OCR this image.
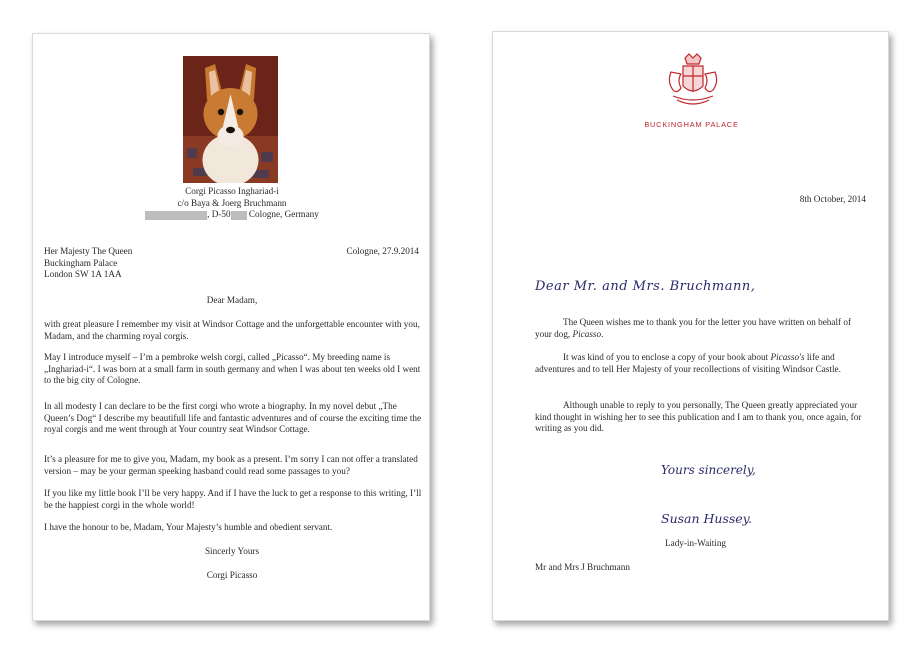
Corgi Picasso Inghariad-i
c/o Baya & Joerg Bruchmann
, D-50 Cologne, Germany
Her Majesty The Queen
Buckingham Palace
London SW 1A 1AA
Cologne, 27.9.2014
Dear Madam,

with great pleasure I remember my visit at Windsor Cottage and the unforgettable encounter with you, Madam, and the charming royal corgis.

May I introduce myself – I’m a pembroke welsh corgi, called „Picasso“. My breeding name is „Inghariad-i“. I was born at a small farm in south germany and when I was about ten weeks old I went to the big city of Cologne.

In all modesty I can declare to be the first corgi who wrote a biography. In my novel debut „The Queen’s Dog“ I describe my beautifull life and fantastic adventures and of course the exciting time the royal corgis and me went through at Your country seat Windsor Cottage.

It’s a pleasure for me to give you, Madam, my book as a present. I’m sorry I can not offer a translated version – may be your german speeking hasband could read some passages to you?

If you like my little book I’ll be very happy. And if I have the luck to get a response to this writing, I’ll be the happiest corgi in the whole world!

I have the honour to be, Madam, Your Majesty’s humble and obedient servant.

Sincerly Yours
Corgi Picasso
BUCKINGHAM PALACE
8th October, 2014
Dear Mr. and Mrs. Bruchmann,

The Queen wishes me to thank you for the letter you have written on behalf of your dog, Picasso.

It was kind of you to enclose a copy of your book about Picasso's life and adventures and to tell Her Majesty of your recollections of visiting Windsor Castle.

Although unable to reply to you personally, The Queen greatly appreciated your kind thought in wishing her to see this publication and I am to thank you, once again, for writing as you did.

Yours sincerely,
Susan Hussey.
Lady-in-Waiting
Mr and Mrs J Bruchmann
